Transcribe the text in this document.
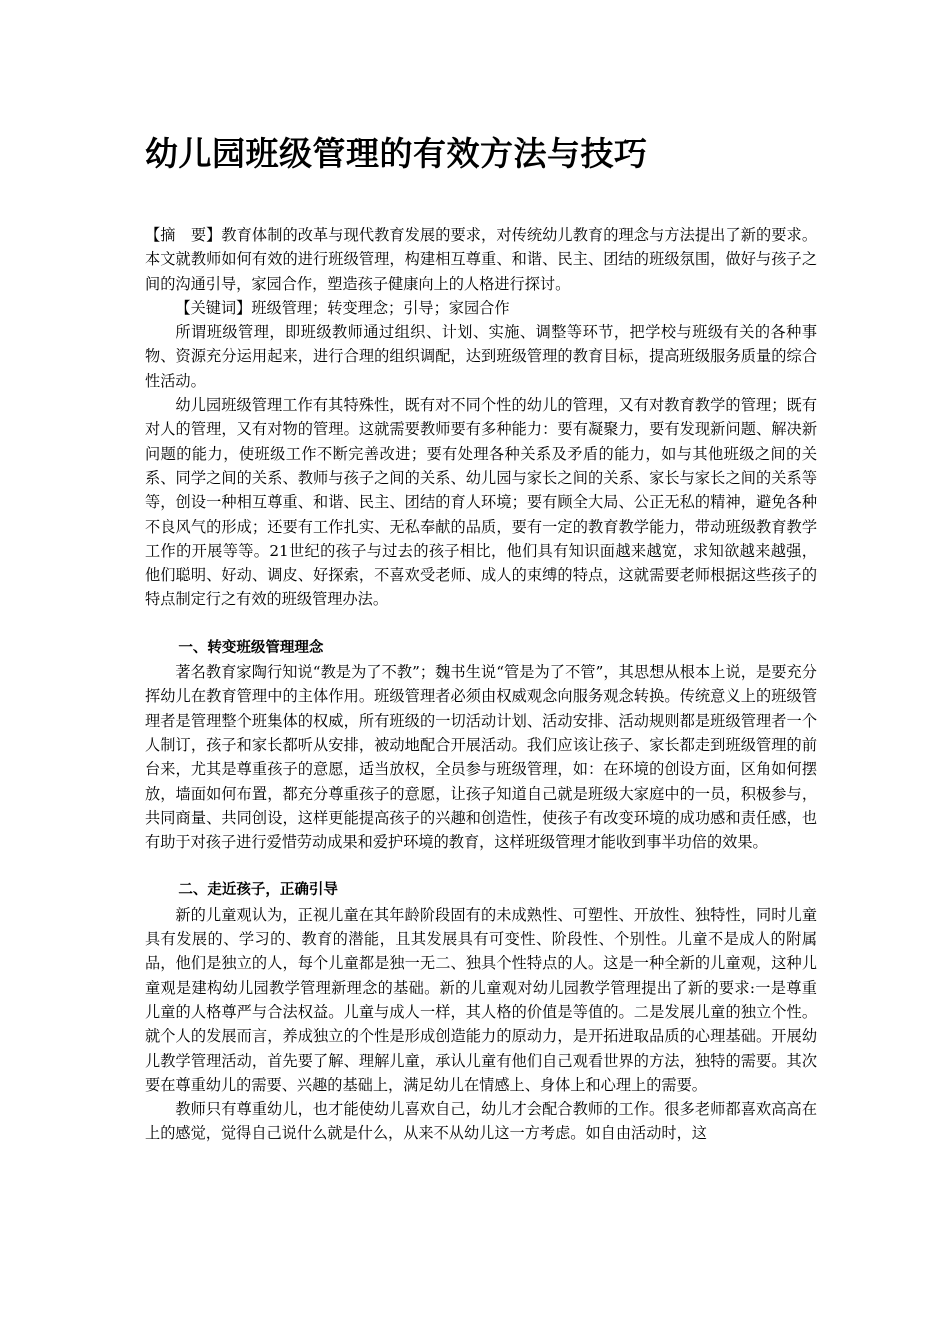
幼儿园班级管理的有效方法与技巧

【摘　要】教育体制的改革与现代教育发展的要求，对传统幼儿教育的理念与方法提出了新的要求。本文就教师如何有效的进行班级管理，构建相互尊重、和谐、民主、团结的班级氛围，做好与孩子之间的沟通引导，家园合作，塑造孩子健康向上的人格进行探讨。

【关键词】班级管理；转变理念；引导；家园合作

所谓班级管理，即班级教师通过组织、计划、实施、调整等环节，把学校与班级有关的各种事物、资源充分运用起来，进行合理的组织调配，达到班级管理的教育目标，提高班级服务质量的综合性活动。

幼儿园班级管理工作有其特殊性，既有对不同个性的幼儿的管理，又有对教育教学的管理；既有对人的管理，又有对物的管理。这就需要教师要有多种能力：要有凝聚力，要有发现新问题、解决新问题的能力，使班级工作不断完善改进；要有处理各种关系及矛盾的能力，如与其他班级之间的关系、同学之间的关系、教师与孩子之间的关系、幼儿园与家长之间的关系、家长与家长之间的关系等等，创设一种相互尊重、和谐、民主、团结的育人环境；要有顾全大局、公正无私的精神，避免各种不良风气的形成；还要有工作扎实、无私奉献的品质，要有一定的教育教学能力，带动班级教育教学工作的开展等等。21世纪的孩子与过去的孩子相比，他们具有知识面越来越宽，求知欲越来越强，他们聪明、好动、调皮、好探索，不喜欢受老师、成人的束缚的特点，这就需要老师根据这些孩子的特点制定行之有效的班级管理办法。

一、转变班级管理理念

著名教育家陶行知说“教是为了不教”；魏书生说“管是为了不管”，其思想从根本上说，是要充分挥幼儿在教育管理中的主体作用。班级管理者必须由权威观念向服务观念转换。传统意义上的班级管理者是管理整个班集体的权威，所有班级的一切活动计划、活动安排、活动规则都是班级管理者一个人制订，孩子和家长都听从安排，被动地配合开展活动。我们应该让孩子、家长都走到班级管理的前台来，尤其是尊重孩子的意愿，适当放权，全员参与班级管理，如：在环境的创设方面，区角如何摆放，墙面如何布置，都充分尊重孩子的意愿，让孩子知道自己就是班级大家庭中的一员，积极参与，共同商量、共同创设，这样更能提高孩子的兴趣和创造性，使孩子有改变环境的成功感和责任感，也有助于对孩子进行爱惜劳动成果和爱护环境的教育，这样班级管理才能收到事半功倍的效果。

二、走近孩子，正确引导

新的儿童观认为，正视儿童在其年龄阶段固有的未成熟性、可塑性、开放性、独特性，同时儿童具有发展的、学习的、教育的潜能，且其发展具有可变性、阶段性、个别性。儿童不是成人的附属品，他们是独立的人，每个儿童都是独一无二、独具个性特点的人。这是一种全新的儿童观，这种儿童观是建构幼儿园教学管理新理念的基础。新的儿童观对幼儿园教学管理提出了新的要求:一是尊重儿童的人格尊严与合法权益。儿童与成人一样，其人格的价值是等值的。二是发展儿童的独立个性。就个人的发展而言，养成独立的个性是形成创造能力的原动力，是开拓进取品质的心理基础。开展幼儿教学管理活动，首先要了解、理解儿童，承认儿童有他们自己观看世界的方法，独特的需要。其次要在尊重幼儿的需要、兴趣的基础上，满足幼儿在情感上、身体上和心理上的需要。

教师只有尊重幼儿，也才能使幼儿喜欢自己，幼儿才会配合教师的工作。很多老师都喜欢高高在上的感觉，觉得自己说什么就是什么，从来不从幼儿这一方考虑。如自由活动时，这
